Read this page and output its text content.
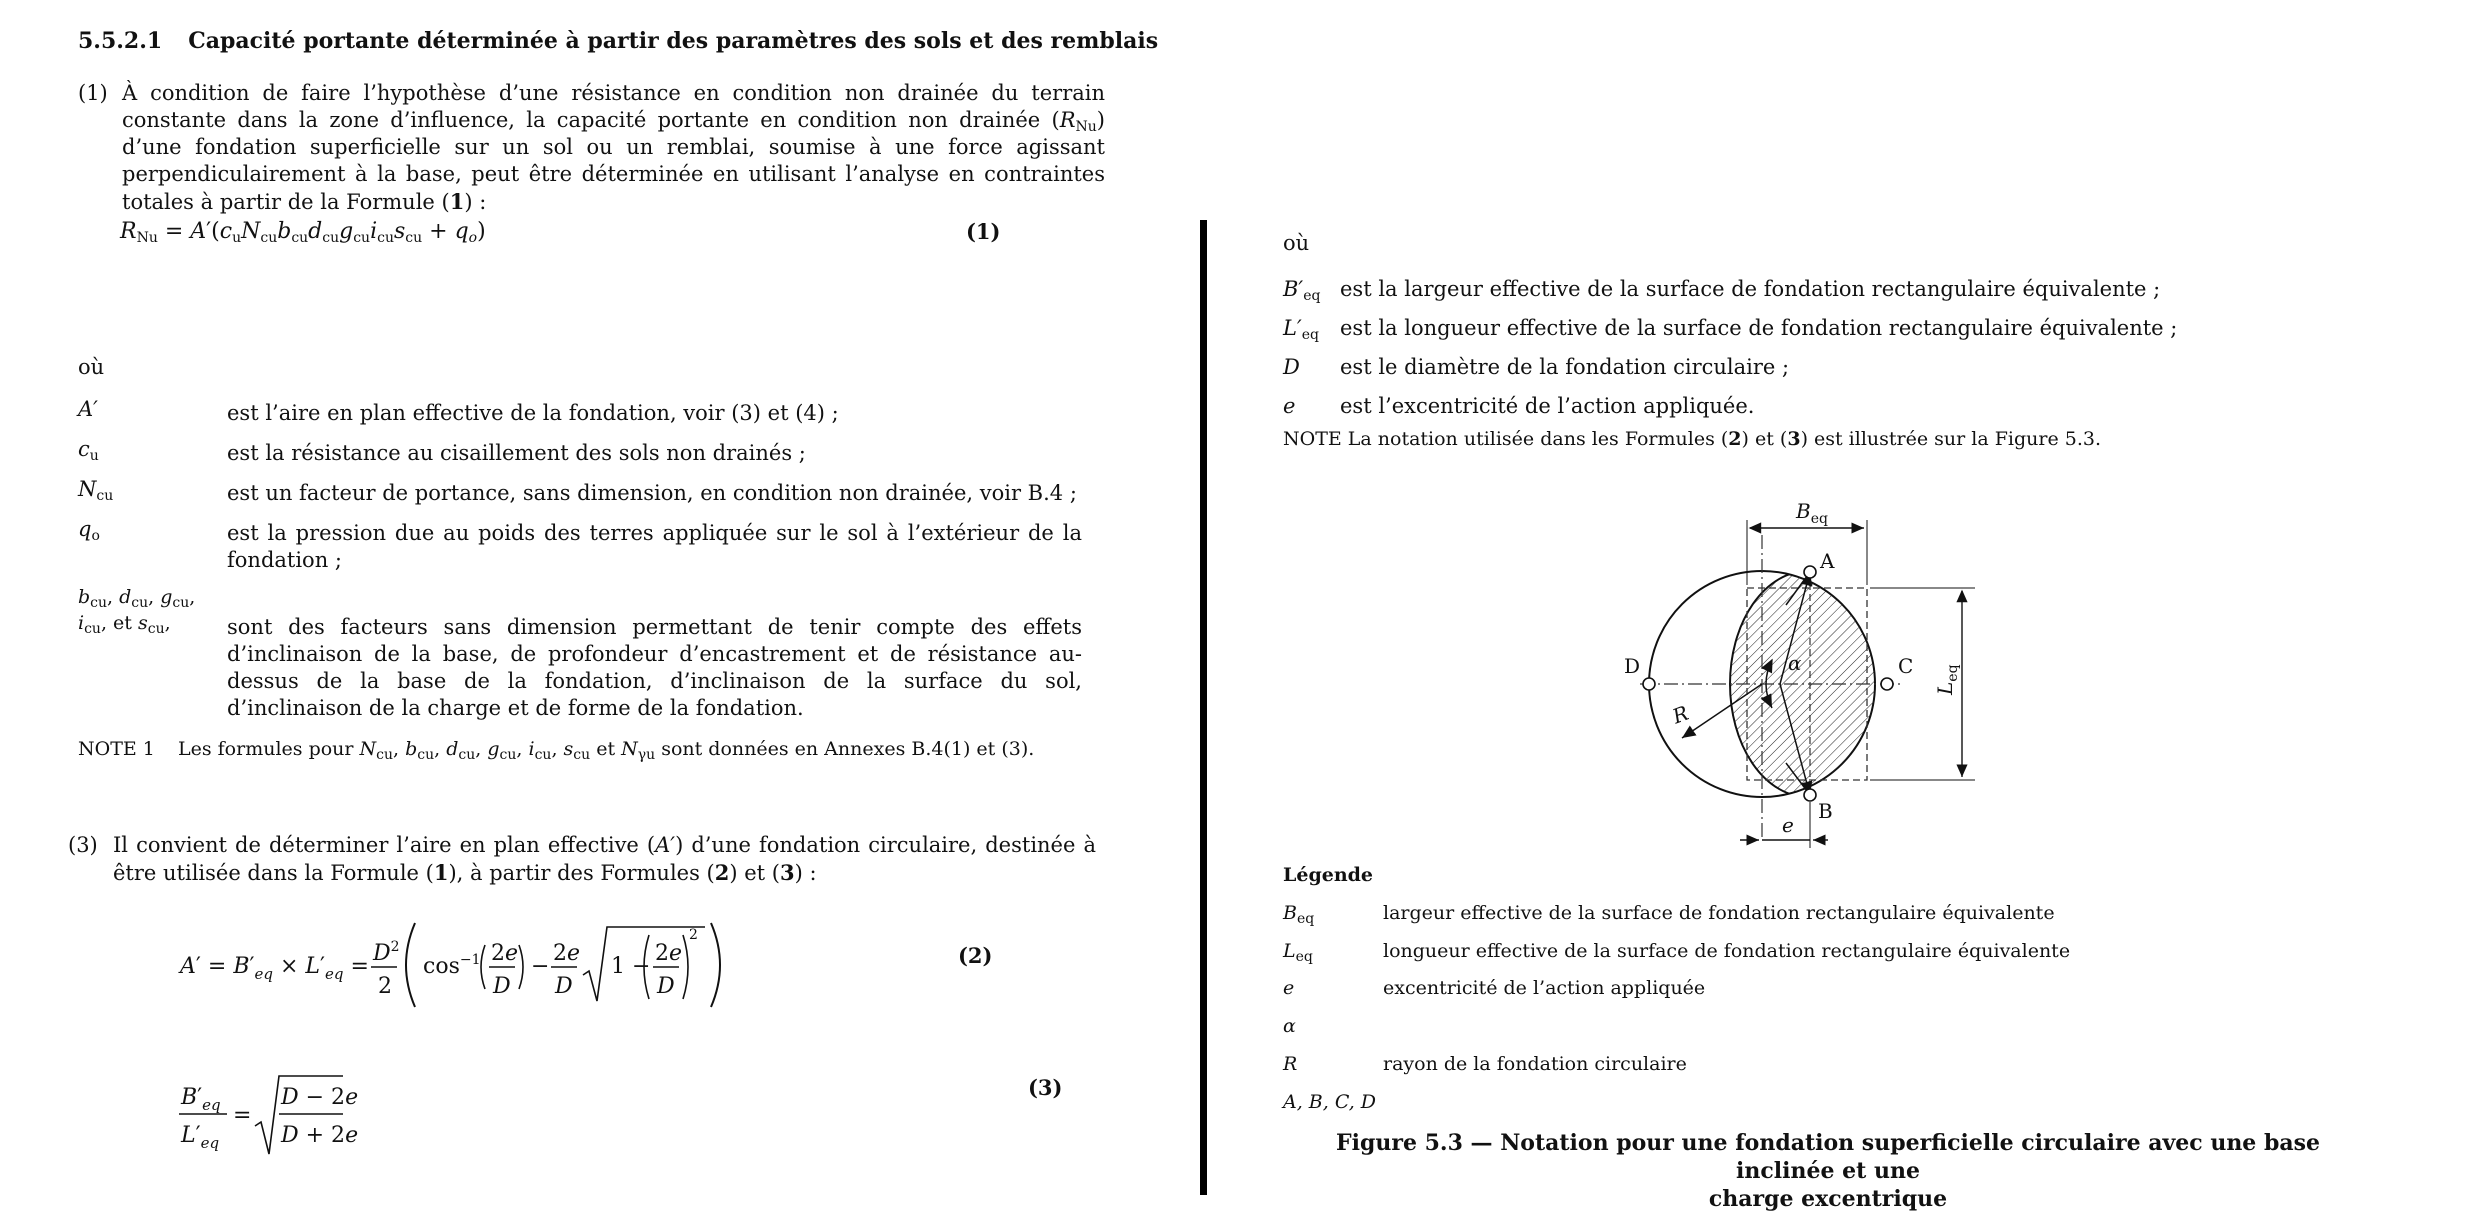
5.5.2.1 Capacité portante déterminée à partir des paramètres des sols et des remblais
(1) À condition de faire l’hypothèse d’une résistance en condition non drainée du terrain constante dans la zone d’influence, la capacité portante en condition non drainée $(R_{Nu})$ d’une fondation superficielle sur un sol ou un remblai, soumise à une force agissant perpendiculairement à la base, peut être déterminée en utilisant l’analyse en contraintes totales à partir de la Formule (1) :
$R_{Nu} = A'(c_uN_{cu}b_{cu}d_{cu}g_{cu}i_{cu}s_{cu} + q_o)$	(1)
où
A′	est l’aire en plan effective de la fondation, voir (3) et (4) ;
$c_u$	est la résistance au cisaillement des sols non drainés ;
$N_{cu}$	est un facteur de portance, sans dimension, en condition non drainée, voir B.4 ;
$q_o$	est la pression due au poids des terres appliquée sur le sol à l’extérieur de la fondation ;
$b_{cu}$, $d_{cu}$, $g_{cu}$,
$i_{cu}$, et $s_{cu}$,	sont des facteurs sans dimension permettant de tenir compte des effets d’inclinaison de la base, de profondeur d’encastrement et de résistance au-dessus de la base de la fondation, d’inclinaison de la surface du sol, d’inclinaison de la charge et de forme de la fondation.
NOTE 1 Les formules pour $N_{cu}$, $b_{cu}$, $d_{cu}$, $g_{cu}$, $i_{cu}$, $s_{cu}$ et $N_{\gamma u}$ sont données en Annexes B.4(1) et (3).
(3) Il convient de déterminer l’aire en plan effective (A′) d’une fondation circulaire, destinée à être utilisée dans la Formule (1), à partir des Formules (2) et (3) :
$A' = B'_{eq} \times L'_{eq}$ =
$D^2$
2
$\cos^{-1} 2e$
D
−
2e
D
1 −
2e
D
2
(2)
$B'_{eq}$
$L'_{eq}$
=
D − 2e
D + 2e
(3)
où
$B'_{eq}$ est la largeur effective de la surface de fondation rectangulaire équivalente ;
$L'_{eq}$ est la longueur effective de la surface de fondation rectangulaire équivalente ;
D est le diamètre de la fondation circulaire ;
e est l’excentricité de l’action appliquée.
NOTE La notation utilisée dans les Formules (2) et (3) est illustrée sur la Figure 5.3.
A
B
C
D
R
α
e
$B_{eq}$
$L_{eq}$
Légende
$B_{eq}$	largeur effective de la surface de fondation rectangulaire équivalente
$L_{eq}$	longueur effective de la surface de fondation rectangulaire équivalente
e	excentricité de l’action appliquée
α
R	rayon de la fondation circulaire
A, B, C, D
Figure 5.3 — Notation pour une fondation superficielle circulaire avec une base inclinée et une
charge excentrique
